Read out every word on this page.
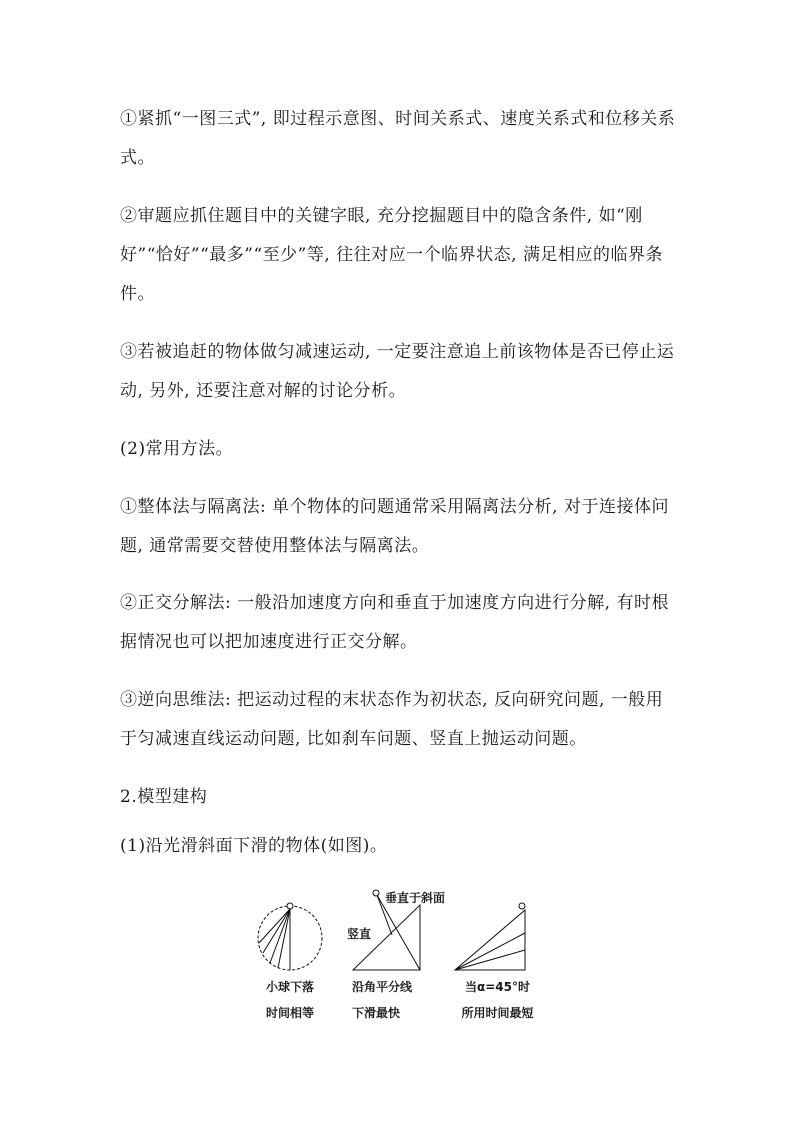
①紧抓“一图三式”, 即过程示意图、时间关系式、速度关系式和位移关系式。

②审题应抓住题目中的关键字眼, 充分挖掘题目中的隐含条件, 如“刚好”“恰好”“最多”“至少”等, 往往对应一个临界状态, 满足相应的临界条件。

③若被追赶的物体做匀减速运动, 一定要注意追上前该物体是否已停止运动, 另外, 还要注意对解的讨论分析。

(2)常用方法。

①整体法与隔离法: 单个物体的问题通常采用隔离法分析, 对于连接体问题, 通常需要交替使用整体法与隔离法。

②正交分解法: 一般沿加速度方向和垂直于加速度方向进行分解, 有时根据情况也可以把加速度进行正交分解。

③逆向思维法: 把运动过程的末状态作为初状态, 反向研究问题, 一般用于匀减速直线运动问题, 比如刹车问题、竖直上抛运动问题。

2.模型建构

(1)沿光滑斜面下滑的物体(如图)。

垂直于斜面
竖直
小球下落
时间相等
沿角平分线
下滑最快
当α=45°时
所用时间最短
